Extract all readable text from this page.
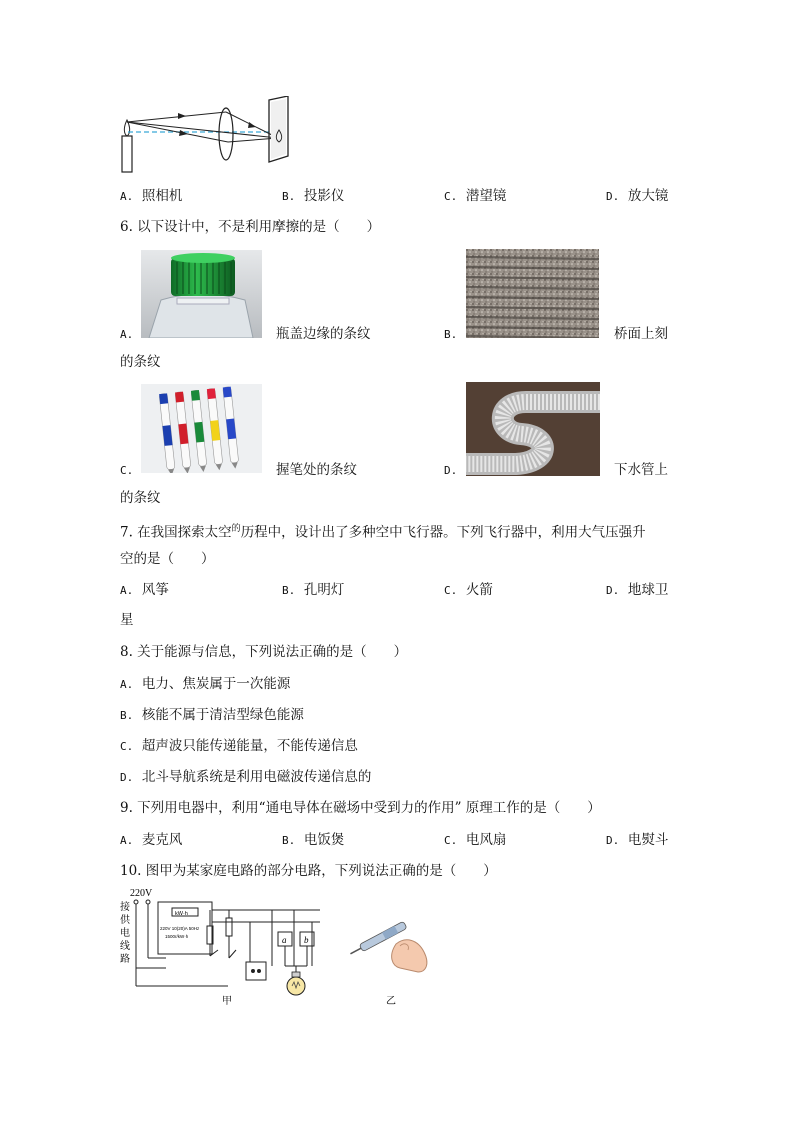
A. 照相机	B. 投影仪	C. 潜望镜	D. 放大镜
6. 以下设计中，不是利用摩擦的是（　　）
A.	瓶盖边缘的条纹	B.	桥面上刻
的条纹
C.	握笔处的条纹	D.	下水管上
的条纹
7. 在我国探索太空$^的$历程中，设计出了多种空中飞行器。下列飞行器中，利用大气压强升
空的是（　　）
A. 风筝	B. 孔明灯	C. 火箭	D. 地球卫
星
8. 关于能源与信息，下列说法正确的是（　　）
A. 电力、焦炭属于一次能源
B. 核能不属于清洁型绿色能源
C. 超声波只能传递能量，不能传递信息
D. 北斗导航系统是利用电磁波传递信息的
9. 下列用电器中，利用“通电导体在磁场中受到力的作用” 原理工作的是（　　）
A. 麦克风	B. 电饭煲	C. 电风扇	D. 电熨斗
10. 图甲为某家庭电路的部分电路，下列说法正确的是（　　）
220V
接
供
电
线
路
kW·h
220V 10(20)A 50Hz
1500r/kW·h	a b
甲	乙
